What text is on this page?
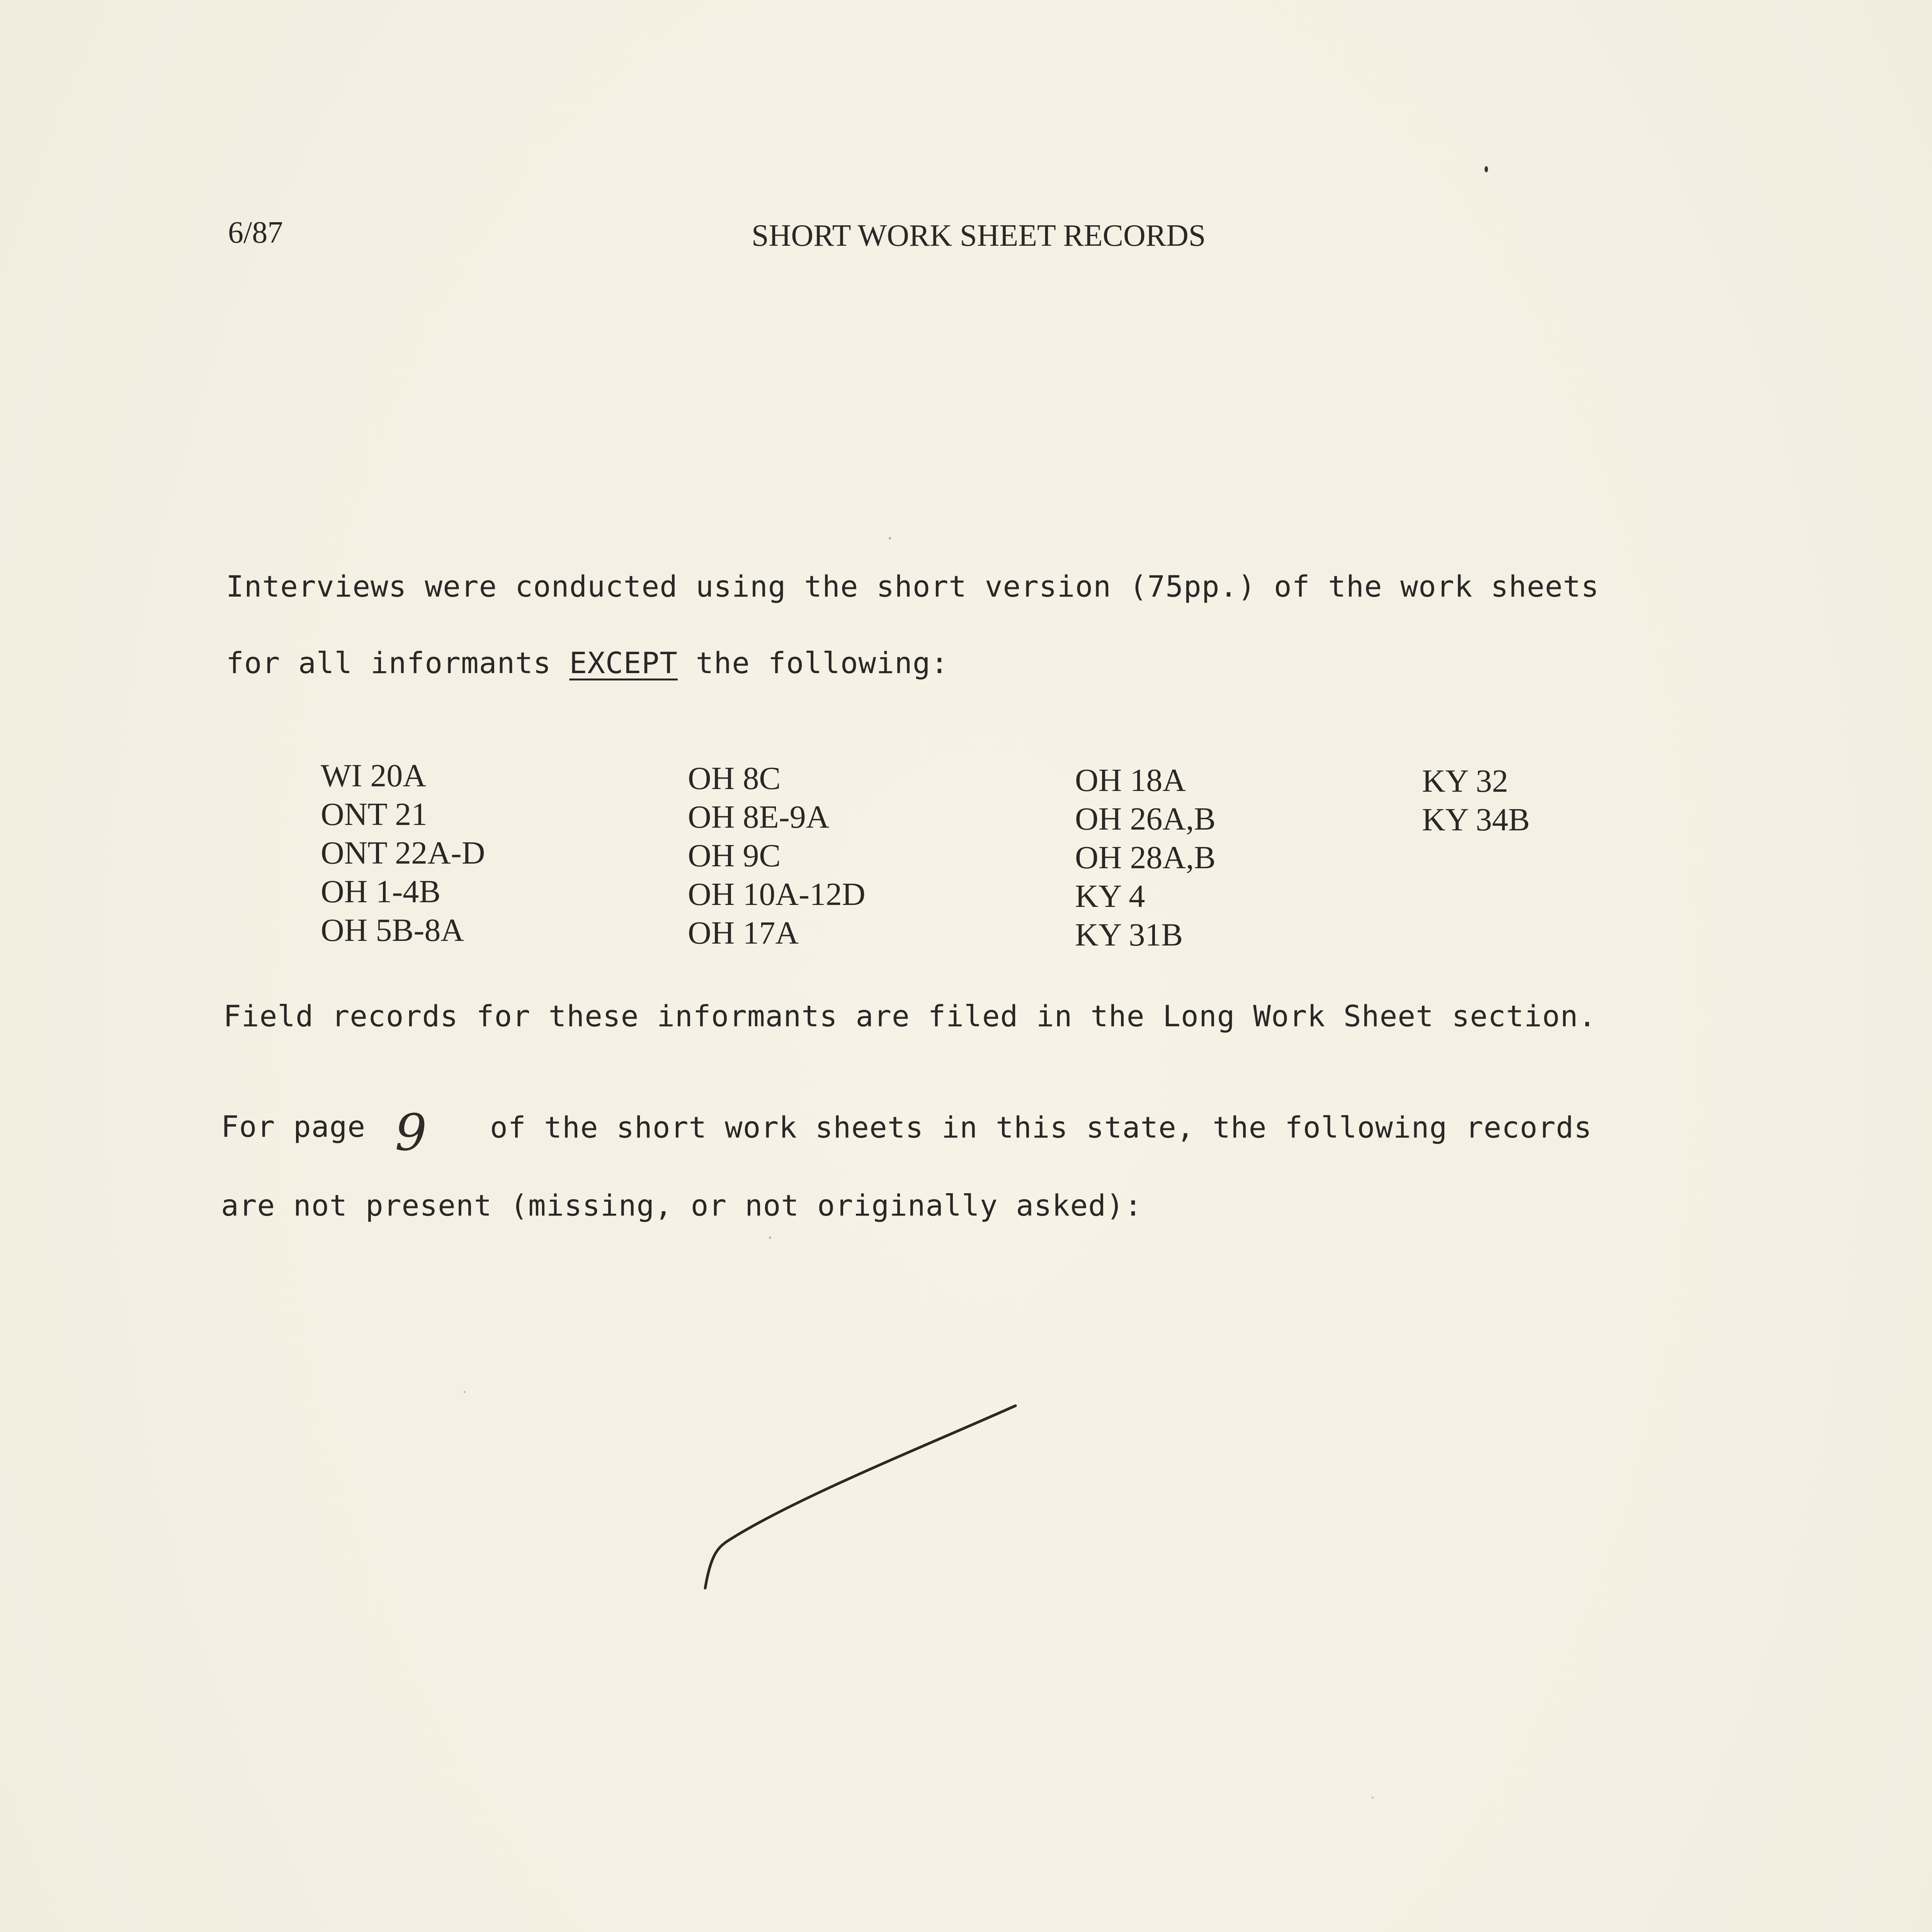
6/87	SHORT WORK SHEET RECORDS
Interviews were conducted using the short version (75pp.) of the work sheets
for all informants EXCEPT the following:
WI 20A
ONT 21
ONT 22A-D
OH 1-4B
OH 5B-8A
OH 8C
OH 8E-9A
OH 9C
OH 10A-12D
OH 17A
OH 18A
OH 26A,B
OH 28A,B
KY 4
KY 31B
KY 32
KY 34B
Field records for these informants are filed in the Long Work Sheet section.
For page 9 of the short work sheets in this state, the following records
are not present (missing, or not originally asked):
